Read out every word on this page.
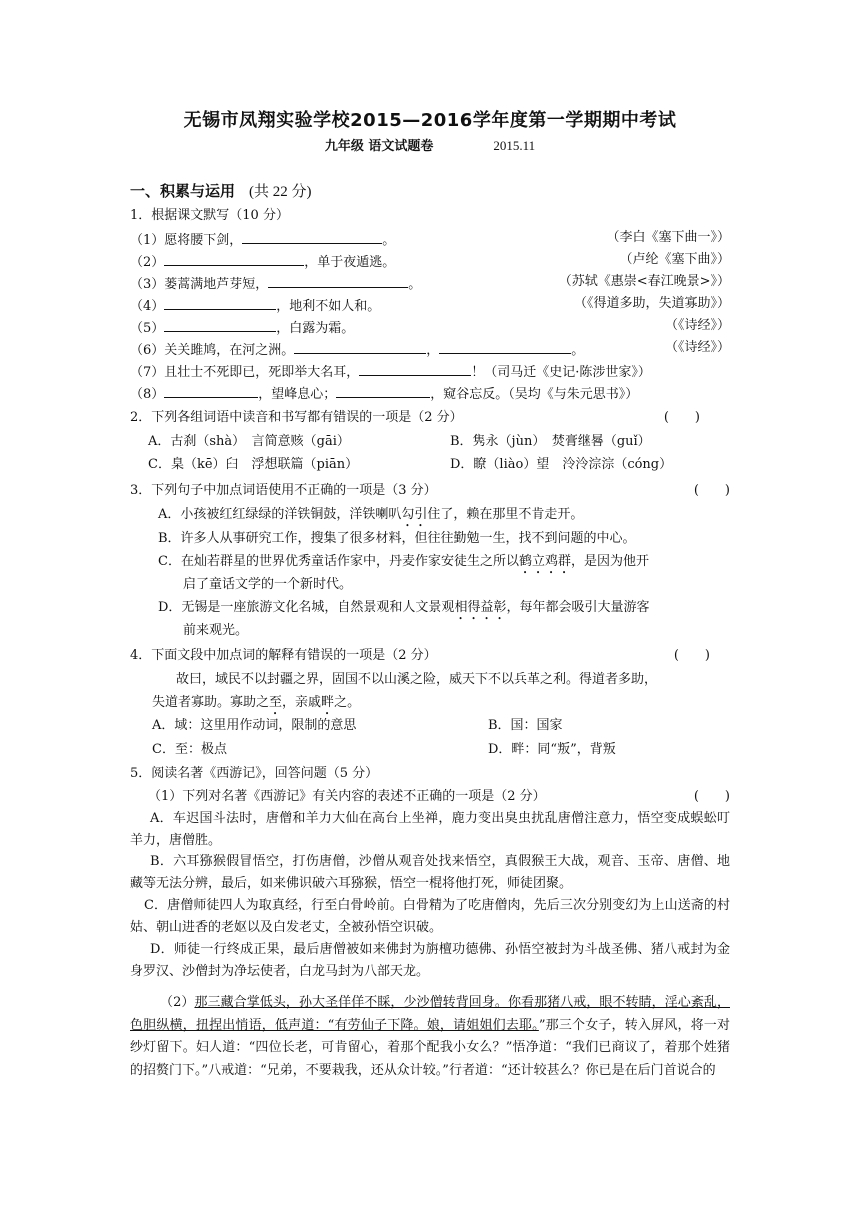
无锡市凤翔实验学校2015—2016学年度第一学期期中考试
九年级 语文试题卷	2015.11
一、积累与运用 (共 22 分)
1．根据课文默写（10 分）
（1）愿将腰下剑，	。	（李白《塞下曲一》）
（2）	，单于夜遁逃。	（卢纶《塞下曲》）
（3）蒌蒿满地芦芽短，	。	（苏轼《惠崇<春江晚景>》）
（4）	，地利不如人和。	（《得道多助，失道寡助》）
（5）	，白露为霜。	（《诗经》）
（6）关关雎鸠，在河之洲。	，	。	（《诗经》）
（7）且壮士不死即已，死即举大名耳，	！（司马迁《史记·陈涉世家》）
（8）	，望峰息心；	，窥谷忘反。（吴均《与朱元思书》）
2．下列各组词语中读音和书写都有错误的一项是（2 分）	(　　)
A．古刹（shà）　言简意赅（gāi）	B．隽永（jùn）　焚膏继晷（guǐ）
C．臬（kē）臼　浮想联篇（piān）	D．瞭（liào）望　泠泠淙淙（cóng）
3．下列句子中加点词语使用不正确的一项是（3 分）	(　　)
A．小孩被红红绿绿的洋铁铜鼓，洋铁喇叭勾引住了，赖在那里不肯走开。
B．许多人从事研究工作，搜集了很多材料，但往往勤勉一生，找不到问题的中心。
C．在灿若群星的世界优秀童话作家中，丹麦作家安徒生之所以鹤立鸡群，是因为他开
启了童话文学的一个新时代。
D．无锡是一座旅游文化名城，自然景观和人文景观相得益彰，每年都会吸引大量游客
前来观光。
4．下面文段中加点词的解释有错误的一项是（2 分）	(　　)
故曰，域民不以封疆之界，固国不以山溪之险，威天下不以兵革之利。得道者多助，
失道者寡助。寡助之至，亲戚畔之。
A．域：这里用作动词，限制的意思	B．国：国家
C．至：极点	D．畔：同“叛”，背叛
5．阅读名著《西游记》，回答问题（5 分）
（1）下列对名著《西游记》有关内容的表述不正确的一项是（2 分）	(　　)
A．车迟国斗法时，唐僧和羊力大仙在高台上坐禅，鹿力变出臭虫扰乱唐僧注意力，悟空变成蜈蚣叮羊力，唐僧胜。
B．六耳猕猴假冒悟空，打伤唐僧，沙僧从观音处找来悟空，真假猴王大战，观音、玉帝、唐僧、地藏等无法分辨，最后，如来佛识破六耳猕猴，悟空一棍将他打死，师徒团聚。
C．唐僧师徒四人为取真经，行至白骨岭前。白骨精为了吃唐僧肉，先后三次分别变幻为上山送斋的村姑、朝山进香的老妪以及白发老丈，全被孙悟空识破。
D．师徒一行终成正果，最后唐僧被如来佛封为旃檀功德佛、孙悟空被封为斗战圣佛、猪八戒封为金身罗汉、沙僧封为净坛使者，白龙马封为八部天龙。
（2）那三藏合掌低头，孙大圣佯佯不睬，少沙僧转背回身。你看那猪八戒，眼不转睛，淫心紊乱，色胆纵横，扭捏出悄语，低声道：“有劳仙子下降。娘，请姐姐们去耶。”那三个女子，转入屏风，将一对纱灯留下。妇人道：“四位长老，可肯留心，着那个配我小女么？”悟净道：“我们已商议了，着那个姓猪的招赘门下。”八戒道：“兄弟，不要栽我，还从众计较。”行者道：“还计较甚么？你已是在后门首说合的
